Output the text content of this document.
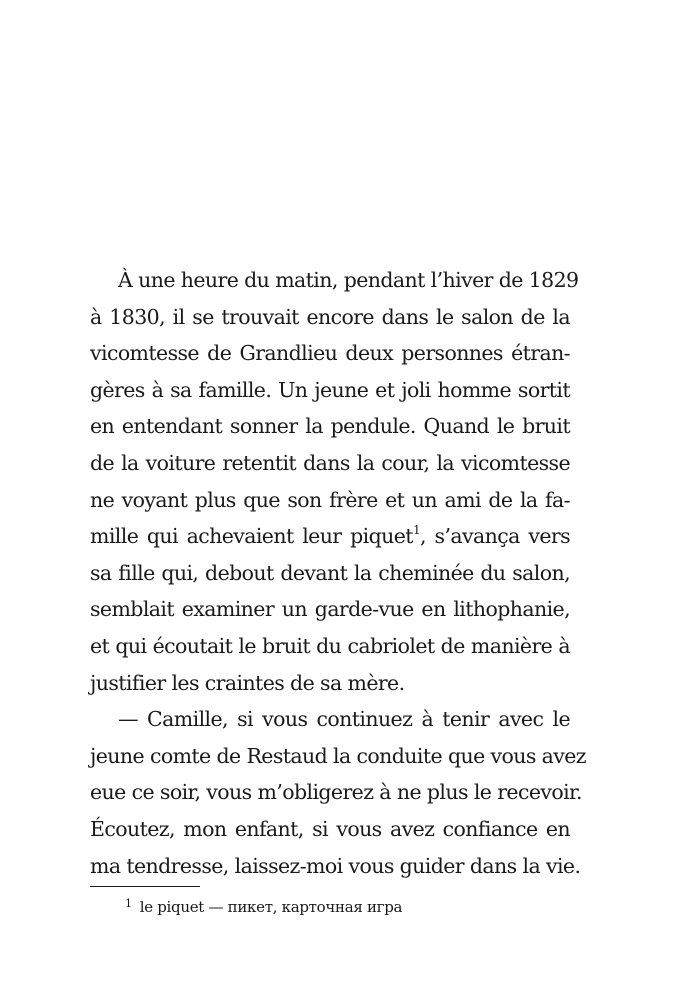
À une heure du matin, pendant l’hiver de 1829
à 1830, il se trouvait encore dans le salon de la
vicomtesse de Grandlieu deux personnes étran-
gères à sa famille. Un jeune et joli homme sortit
en entendant sonner la pendule. Quand le bruit
de la voiture retentit dans la cour, la vicomtesse
ne voyant plus que son frère et un ami de la fa-
mille qui achevaient leur piquet$^1$, s’avança vers
sa fille qui, debout devant la cheminée du salon,
semblait examiner un garde-vue en lithophanie,
et qui écoutait le bruit du cabriolet de manière à
justifier les craintes de sa mère.
— Camille, si vous continuez à tenir avec le
jeune comte de Restaud la conduite que vous avez
eue ce soir, vous m’obligerez à ne plus le recevoir.
Écoutez, mon enfant, si vous avez confiance en
ma tendresse, laissez-moi vous guider dans la vie.
$^1$ le piquet — пикет, карточная игра
